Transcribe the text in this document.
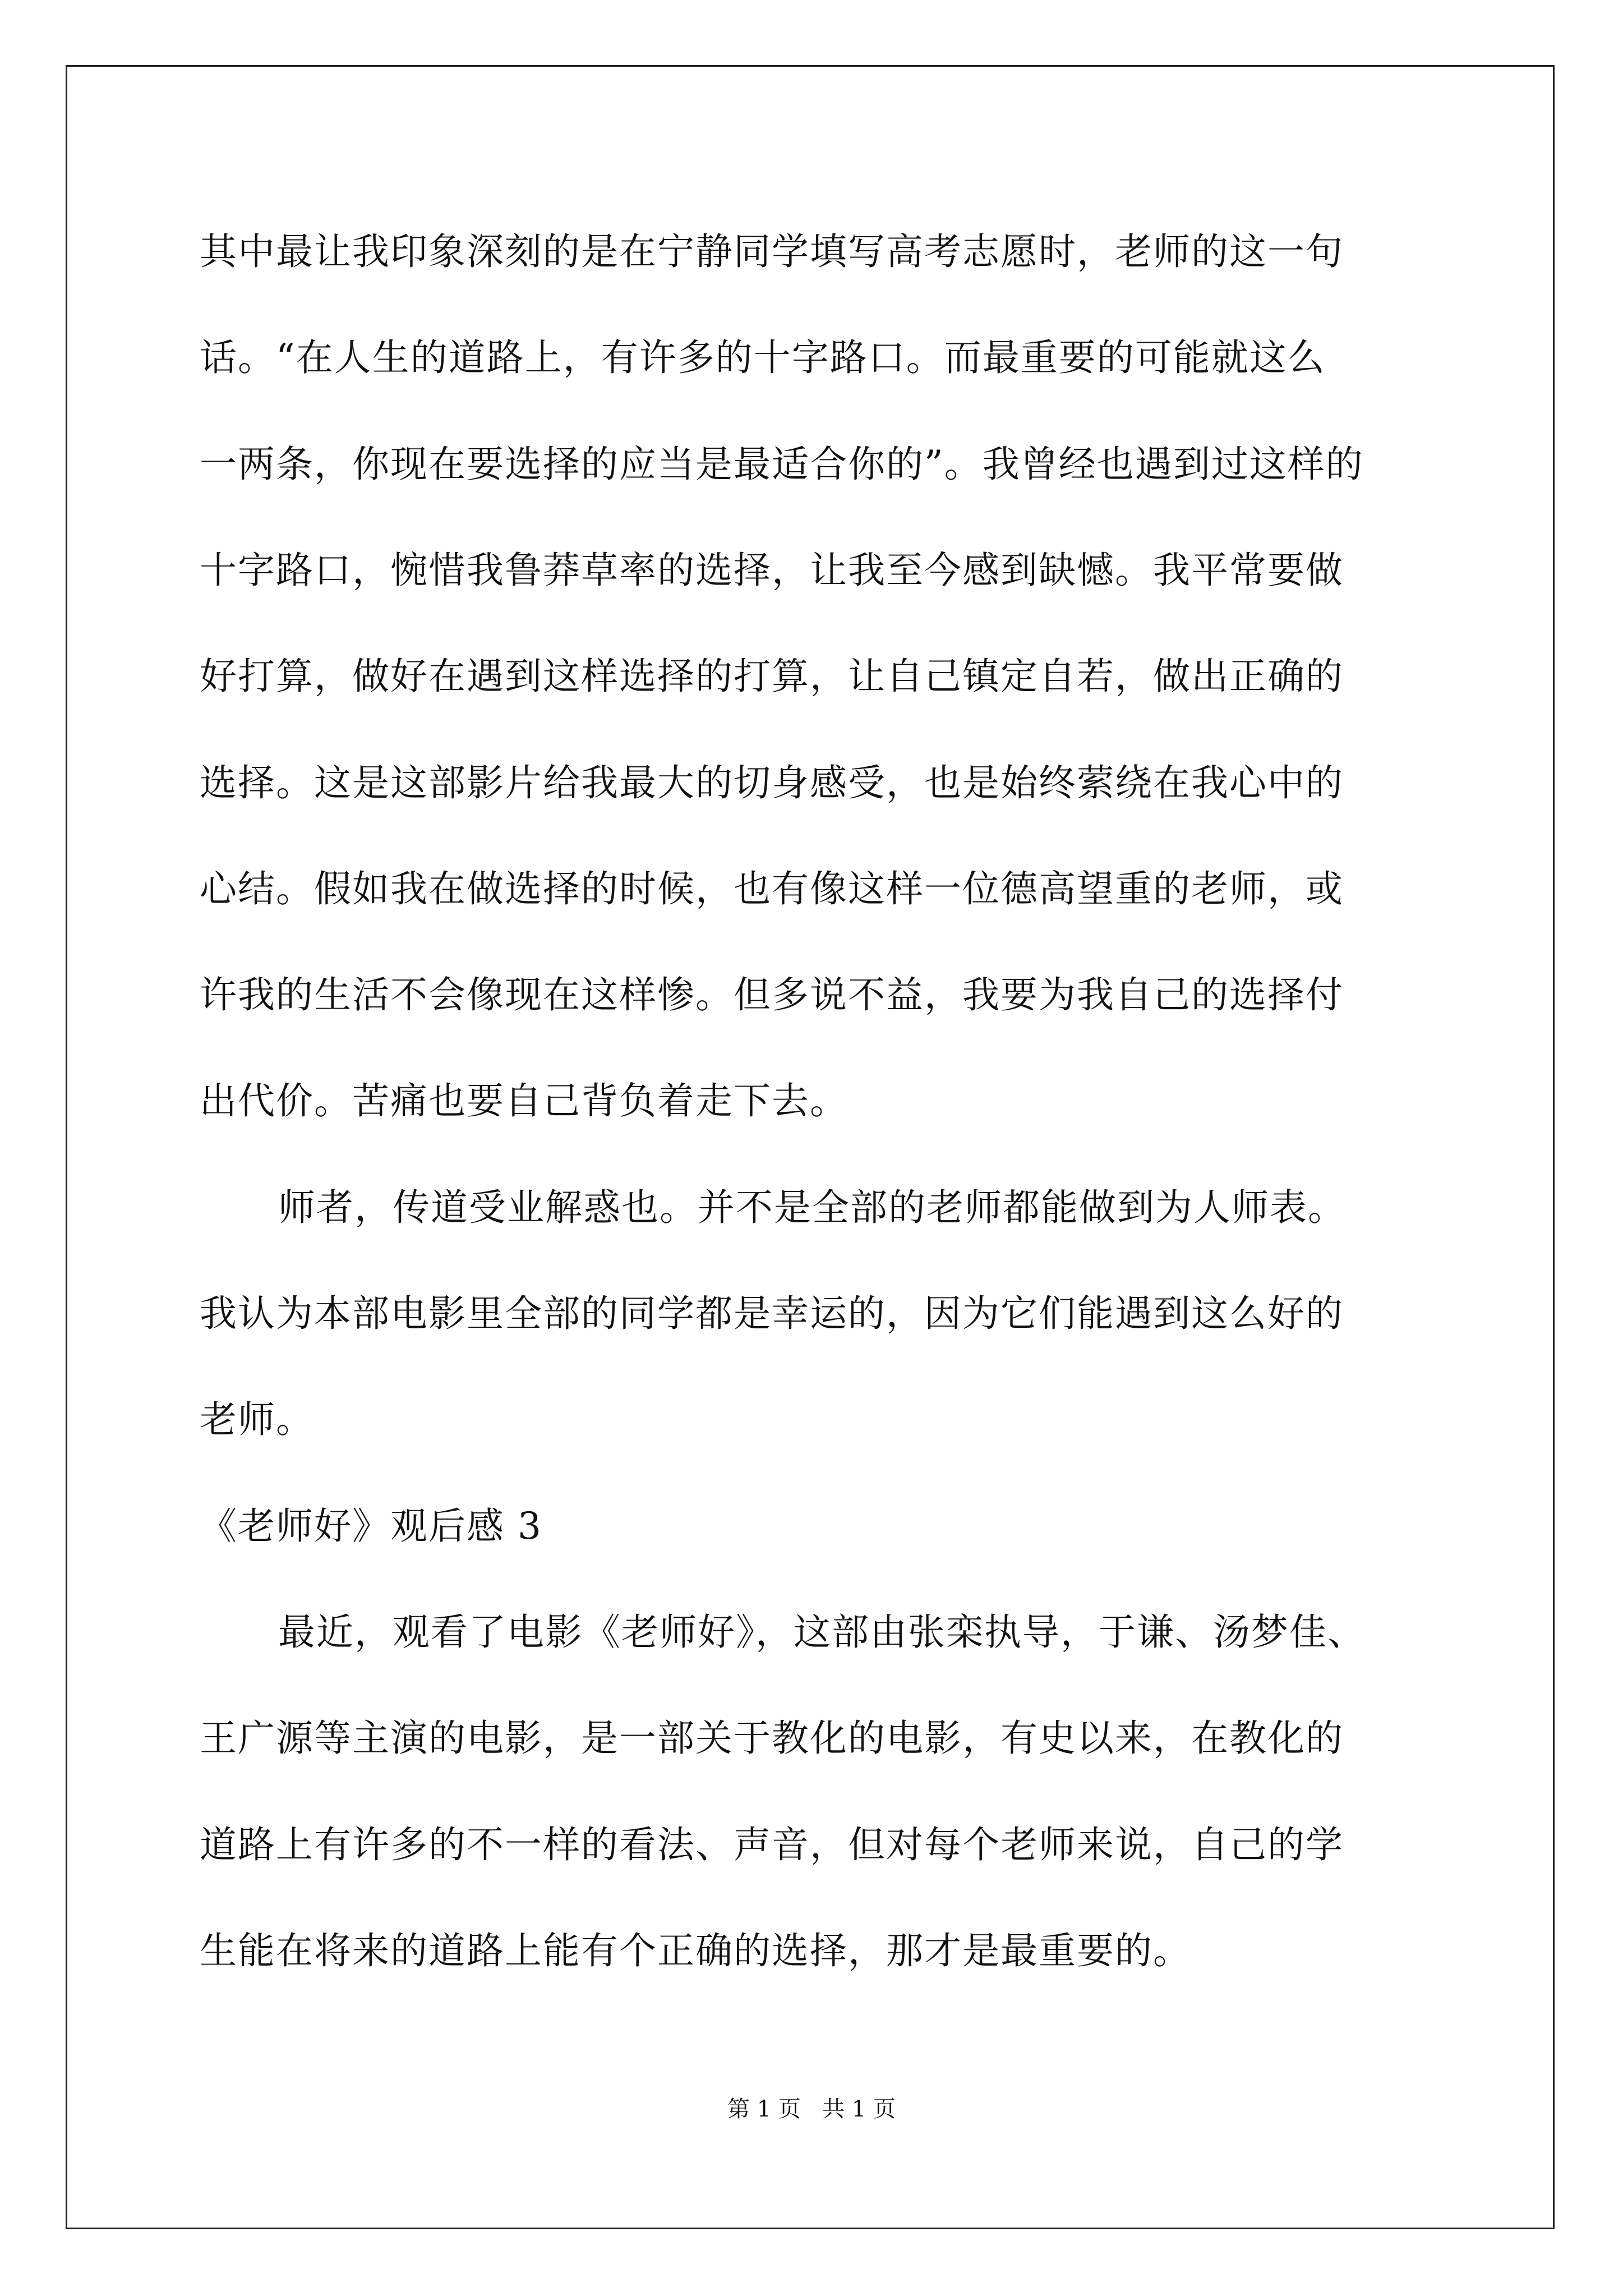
其中最让我印象深刻的是在宁静同学填写高考志愿时，老师的这一句
话。“在人生的道路上，有许多的十字路口。而最重要的可能就这么
一两条，你现在要选择的应当是最适合你的”。我曾经也遇到过这样的
十字路口，惋惜我鲁莽草率的选择，让我至今感到缺憾。我平常要做
好打算，做好在遇到这样选择的打算，让自己镇定自若，做出正确的
选择。这是这部影片给我最大的切身感受，也是始终萦绕在我心中的
心结。假如我在做选择的时候，也有像这样一位德高望重的老师，或
许我的生活不会像现在这样惨。但多说不益，我要为我自己的选择付
出代价。苦痛也要自己背负着走下去。
师者，传道受业解惑也。并不是全部的老师都能做到为人师表。
我认为本部电影里全部的同学都是幸运的，因为它们能遇到这么好的
老师。
《老师好》观后感 3
最近，观看了电影《老师好》，这部由张栾执导，于谦、汤梦佳、
王广源等主演的电影，是一部关于教化的电影，有史以来，在教化的
道路上有许多的不一样的看法、声音，但对每个老师来说，自己的学
生能在将来的道路上能有个正确的选择，那才是最重要的。
第 1 页   共 1 页
